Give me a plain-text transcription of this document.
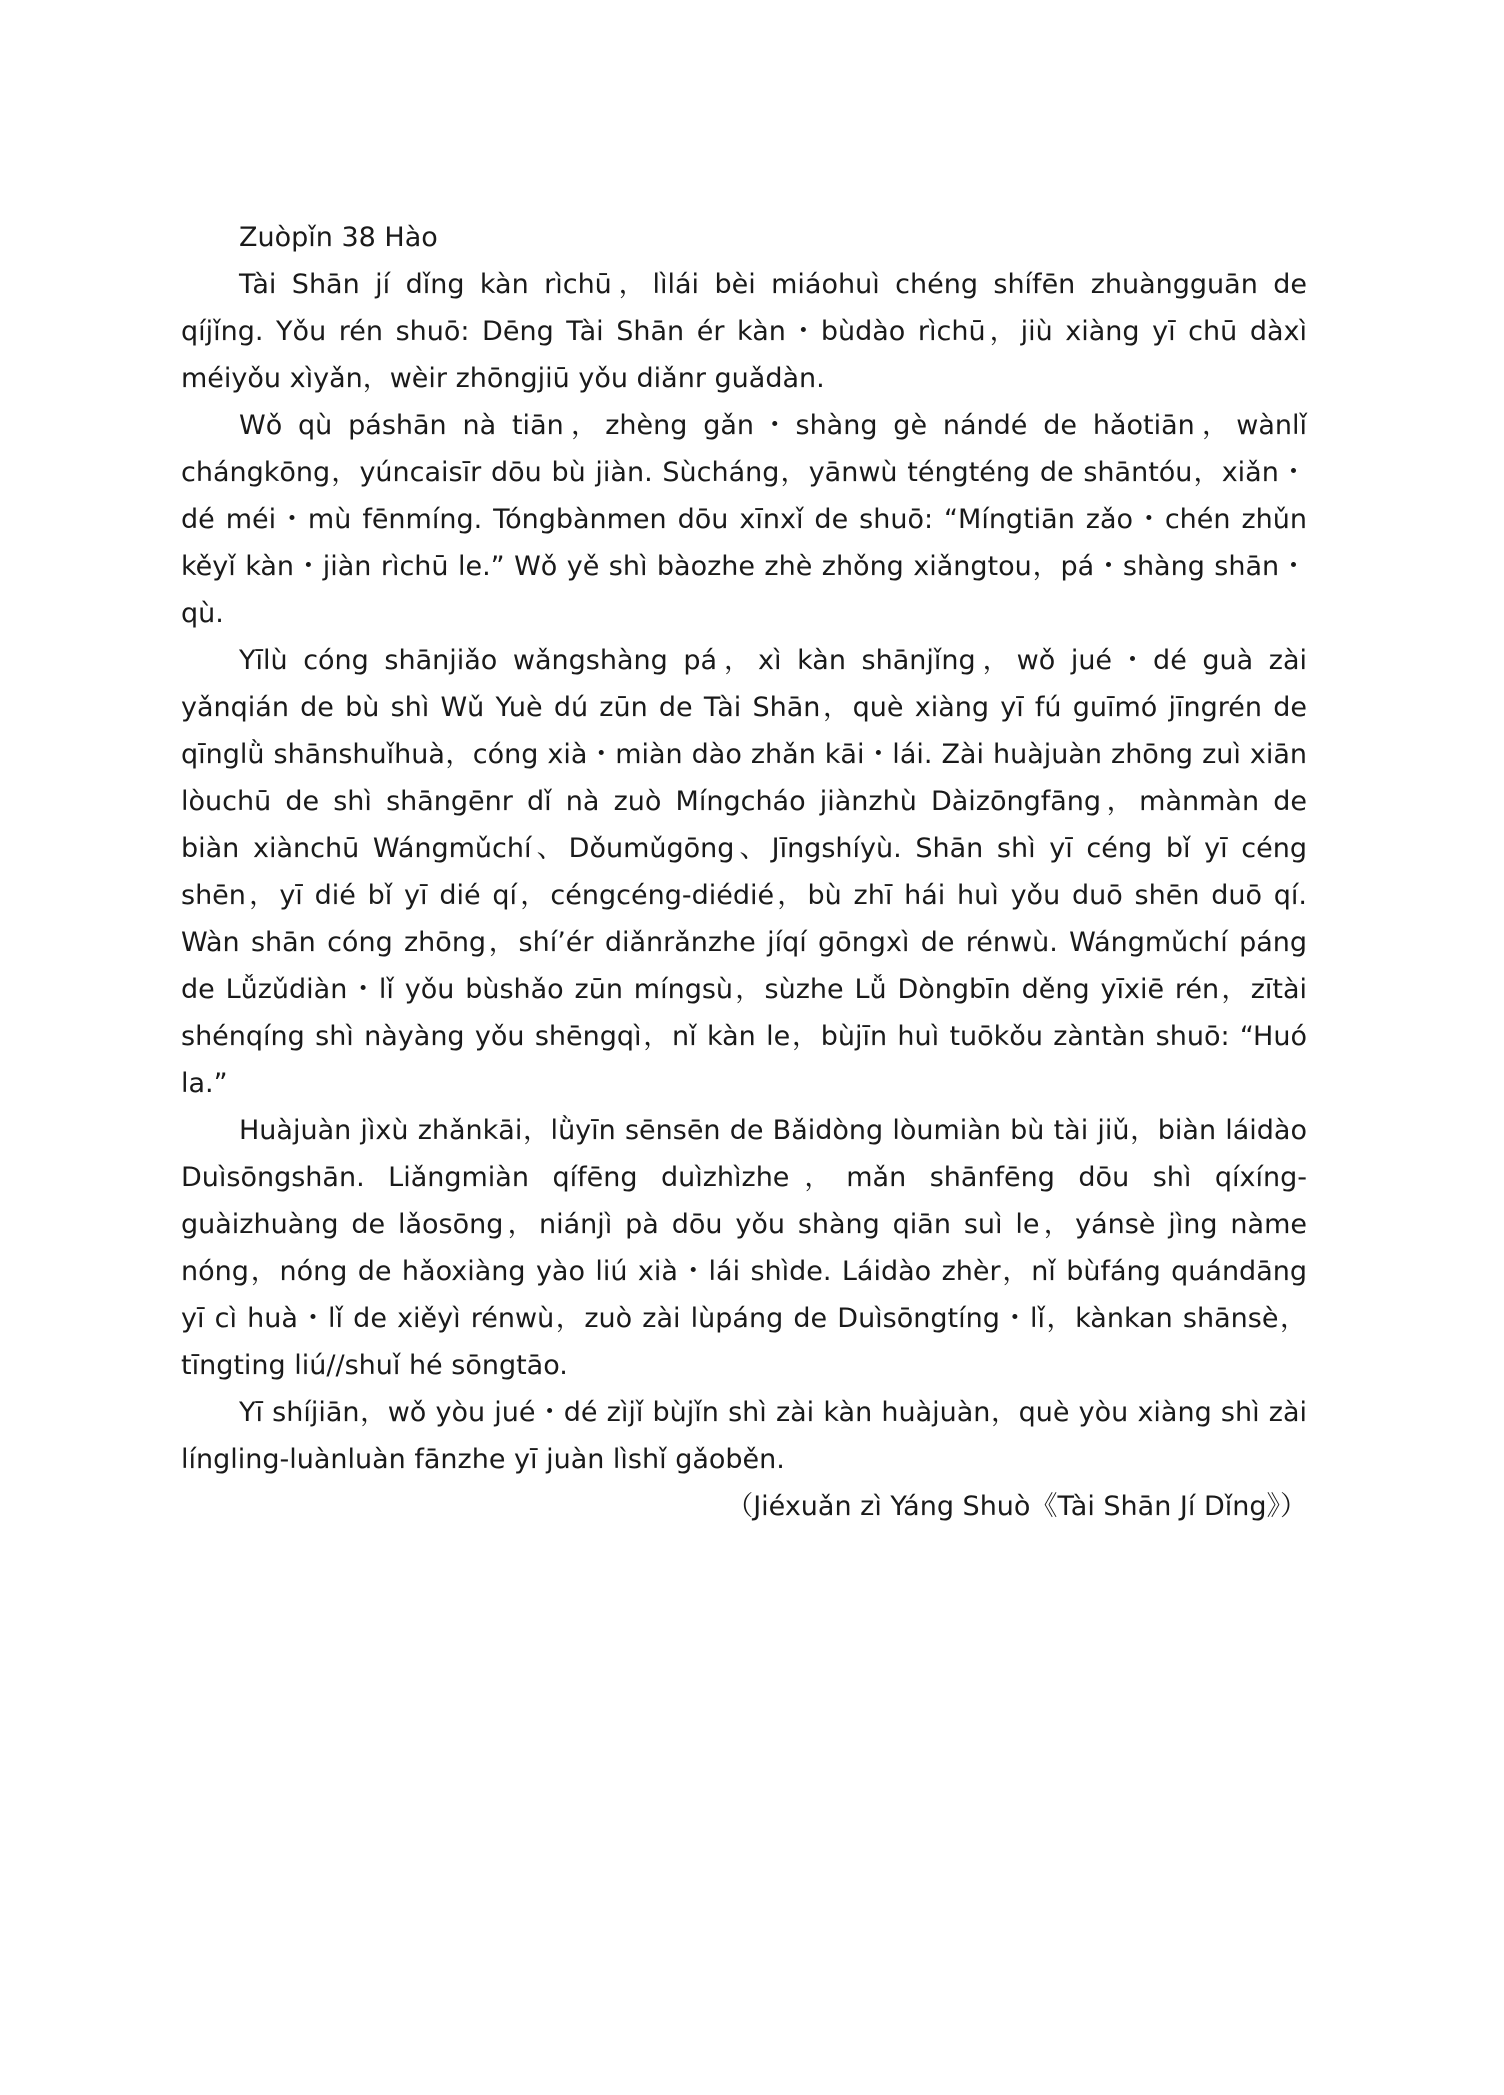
Zuòpǐn 38 Hào

Tài Shān jí dǐng kàn rìchū，lìlái bèi miáohuì chéng shífēn zhuàngguān de qíjǐng. Yǒu rén shuō: Dēng Tài Shān ér kàn・bùdào rìchū，jiù xiàng yī chū dàxì méiyǒu xìyǎn，wèir zhōngjiū yǒu diǎnr guǎdàn.

Wǒ qù páshān nà tiān，zhèng gǎn・shàng gè nándé de hǎotiān，wànlǐ chángkōng，yúncaisīr dōu bù jiàn. Sùcháng，yānwù téngténg de shāntóu，xiǎn・dé méi・mù fēnmíng. Tóngbànmen dōu xīnxǐ de shuō: “Míngtiān zǎo・chén zhǔn kěyǐ kàn・jiàn rìchū le.” Wǒ yě shì bàozhe zhè zhǒng xiǎngtou，pá・shàng shān・qù.

Yīlù cóng shānjiǎo wǎngshàng pá，xì kàn shānjǐng，wǒ jué・dé guà zài yǎnqián de bù shì Wǔ Yuè dú zūn de Tài Shān，què xiàng yī fú guīmó jīngrén de qīnglǜ shānshuǐhuà，cóng xià・miàn dào zhǎn kāi・lái. Zài huàjuàn zhōng zuì xiān lòuchū de shì shāngēnr dǐ nà zuò Míngcháo jiànzhù Dàizōngfāng，mànmàn de biàn xiànchū Wángmǔchí、Dǒumǔgōng、Jīngshíyù. Shān shì yī céng bǐ yī céng shēn，yī dié bǐ yī dié qí，céngcéng-diédié，bù zhī hái huì yǒu duō shēn duō qí. Wàn shān cóng zhōng，shí’ér diǎnrǎnzhe jíqí gōngxì de rénwù. Wángmǔchí páng de Lǚzǔdiàn・lǐ yǒu bùshǎo zūn míngsù，sùzhe Lǚ Dòngbīn děng yīxiē rén，zītài shénqíng shì nàyàng yǒu shēngqì，nǐ kàn le，bùjīn huì tuōkǒu zàntàn shuō: “Huó la.”

Huàjuàn jìxù zhǎnkāi，lǜyīn sēnsēn de Bǎidòng lòumiàn bù tài jiǔ，biàn láidào Duìsōngshān. Liǎngmiàn qífēng duìzhìzhe，mǎn shānfēng dōu shì qíxíng-guàizhuàng de lǎosōng，niánjì pà dōu yǒu shàng qiān suì le，yánsè jìng nàme nóng，nóng de hǎoxiàng yào liú xià・lái shìde. Láidào zhèr，nǐ bùfáng quándāng yī cì huà・lǐ de xiěyì rénwù，zuò zài lùpáng de Duìsōngtíng・lǐ，kànkan shānsè，tīngting liú//shuǐ hé sōngtāo.

Yī shíjiān，wǒ yòu jué・dé zìjǐ bùjǐn shì zài kàn huàjuàn，què yòu xiàng shì zài língling-luànluàn fānzhe yī juàn lìshǐ gǎoběn.

（Jiéxuǎn zì Yáng Shuò《Tài Shān Jí Dǐng》）
